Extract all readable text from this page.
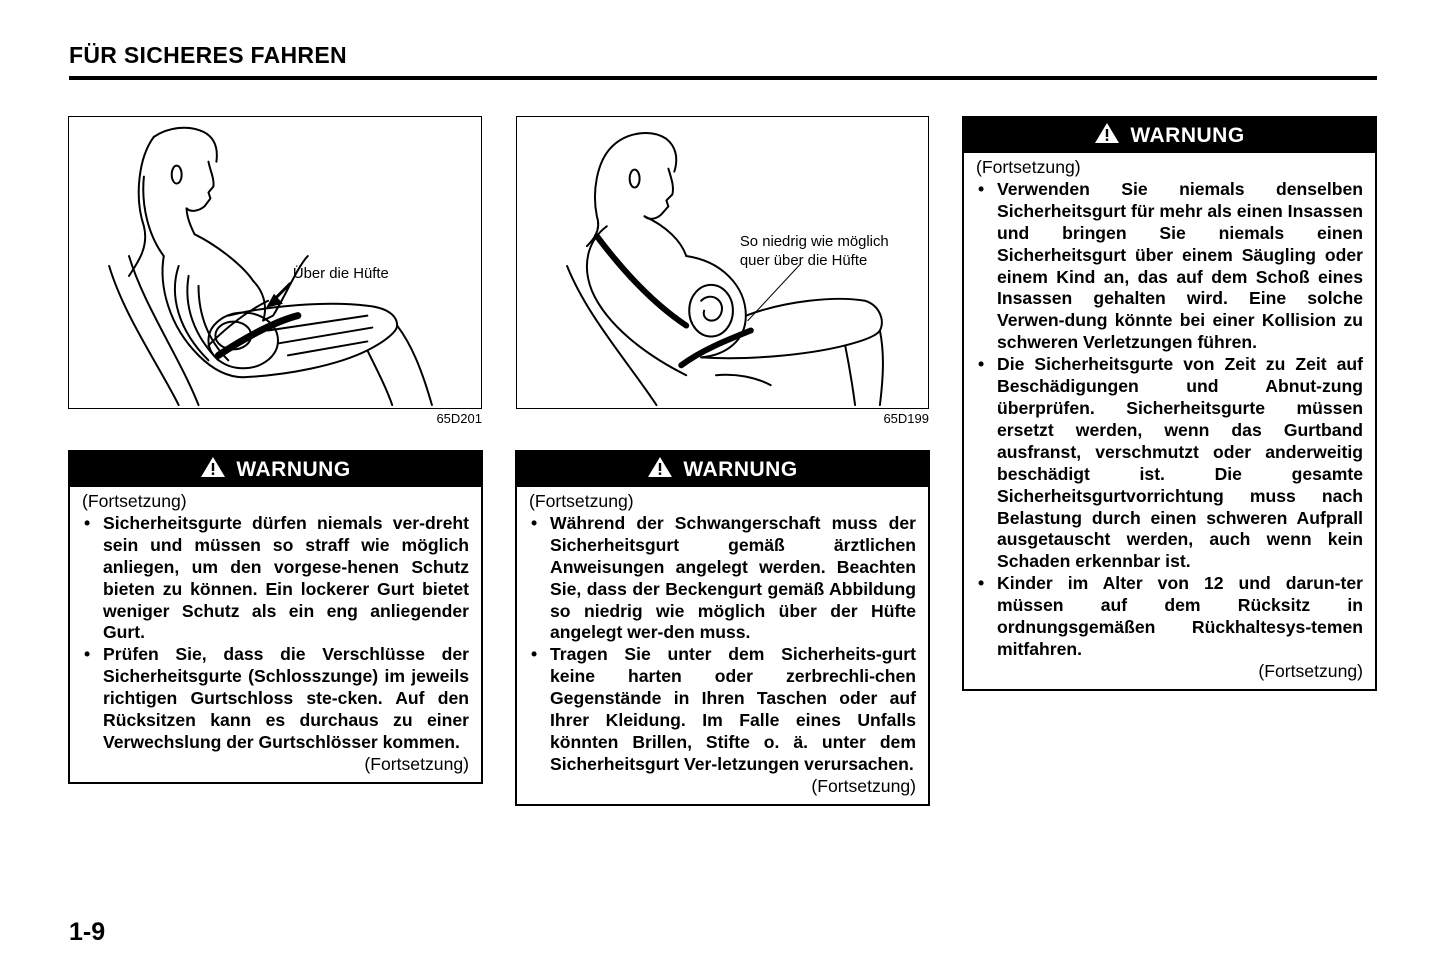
FÜR SICHERES FAHREN
Über die Hüfte
65D201
So niedrig wie möglich
quer über die Hüfte
65D199
WARNUNG
(Fortsetzung)
• Sicherheitsgurte dürfen niemals ver-dreht sein und müssen so straff wie möglich anliegen, um den vorgese-henen Schutz bieten zu können. Ein lockerer Gurt bietet weniger Schutz als ein eng anliegender Gurt.
• Prüfen Sie, dass die Verschlüsse der Sicherheitsgurte (Schlosszunge) im jeweils richtigen Gurtschloss ste-cken. Auf den Rücksitzen kann es durchaus zu einer Verwechslung der Gurtschlösser kommen.
(Fortsetzung)
WARNUNG
(Fortsetzung)
• Während der Schwangerschaft muss der Sicherheitsgurt gemäß ärztlichen Anweisungen angelegt werden. Beachten Sie, dass der Beckengurt gemäß Abbildung so niedrig wie möglich über der Hüfte angelegt wer-den muss.
• Tragen Sie unter dem Sicherheits-gurt keine harten oder zerbrechli-chen Gegenstände in Ihren Taschen oder auf Ihrer Kleidung. Im Falle eines Unfalls könnten Brillen, Stifte o. ä. unter dem Sicherheitsgurt Ver-letzungen verursachen.
(Fortsetzung)
WARNUNG
(Fortsetzung)
• Verwenden Sie niemals denselben Sicherheitsgurt für mehr als einen Insassen und bringen Sie niemals einen Sicherheitsgurt über einem Säugling oder einem Kind an, das auf dem Schoß eines Insassen gehalten wird. Eine solche Verwen-dung könnte bei einer Kollision zu schweren Verletzungen führen.
• Die Sicherheitsgurte von Zeit zu Zeit auf Beschädigungen und Abnut-zung überprüfen. Sicherheitsgurte müssen ersetzt werden, wenn das Gurtband ausfranst, verschmutzt oder anderweitig beschädigt ist. Die gesamte Sicherheitsgurtvorrichtung muss nach Belastung durch einen schweren Aufprall ausgetauscht werden, auch wenn kein Schaden erkennbar ist.
• Kinder im Alter von 12 und darun-ter müssen auf dem Rücksitz in ordnungsgemäßen Rückhaltesys-temen mitfahren.
(Fortsetzung)
1-9
